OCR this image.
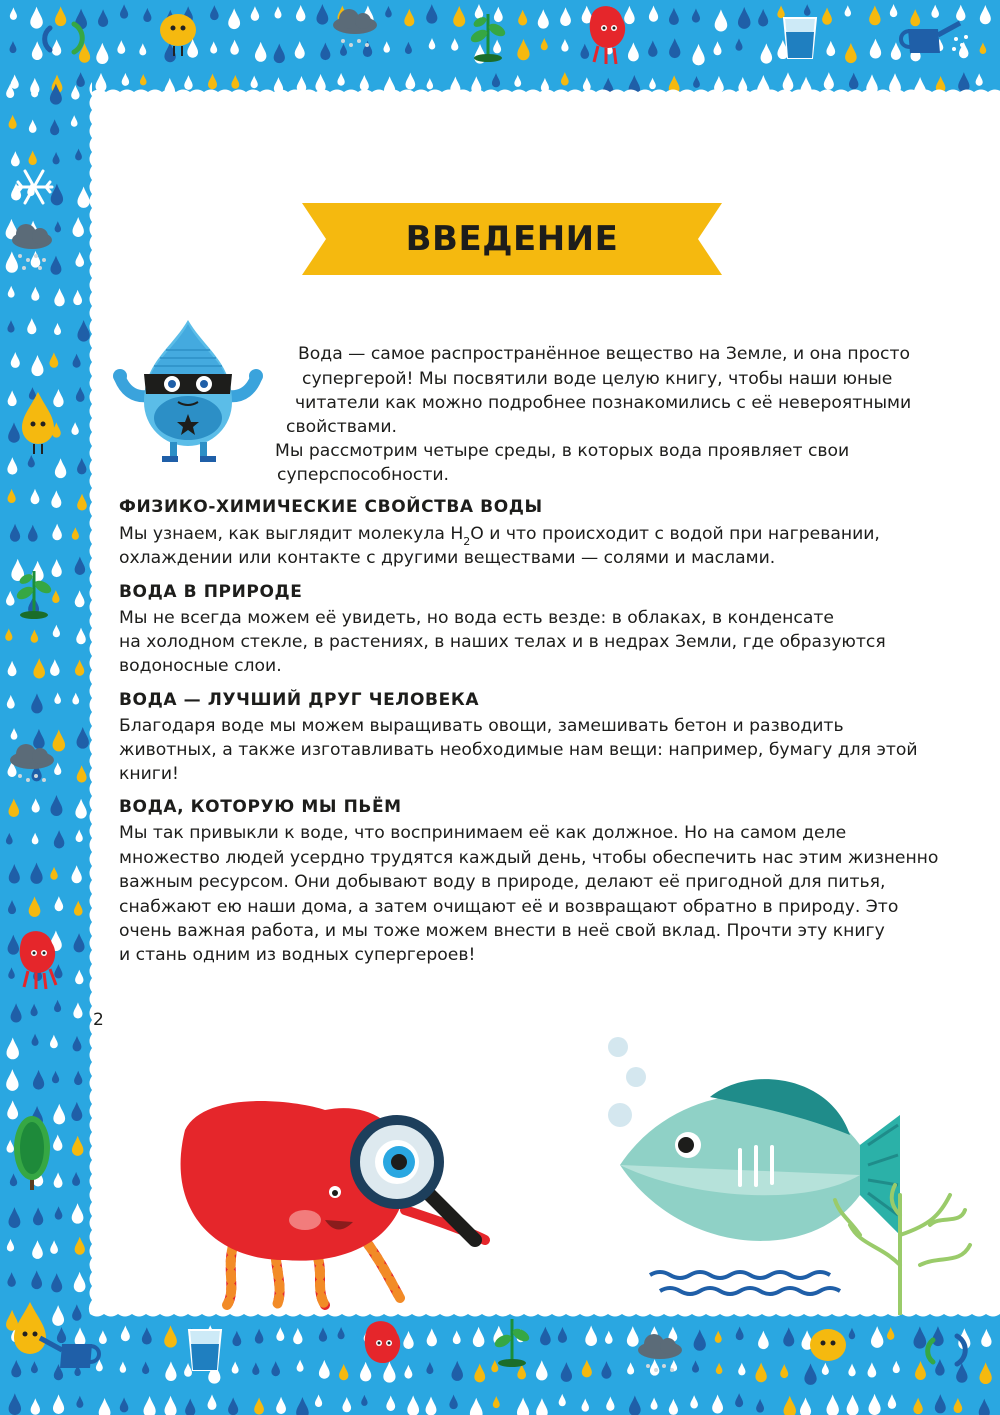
ВВЕДЕНИЕ
Вода — самое распространённое вещество на Земле, и она просто
супергерой! Мы посвятили воде целую книгу, чтобы наши юные
читатели как можно подробнее познакомились с её невероятными
свойствами.
Мы рассмотрим четыре среды, в которых вода проявляет свои
суперспособности.
ФИЗИКО-ХИМИЧЕСКИЕ СВОЙСТВА ВОДЫ
Мы узнаем, как выглядит молекула $H_2O$ и что происходит с водой при нагревании,
охлаждении или контакте с другими веществами — солями и маслами.
ВОДА В ПРИРОДЕ
Мы не всегда можем её увидеть, но вода есть везде: в облаках, в конденсате
на холодном стекле, в растениях, в наших телах и в недрах Земли, где образуются
водоносные слои.
ВОДА — ЛУЧШИЙ ДРУГ ЧЕЛОВЕКА
Благодаря воде мы можем выращивать овощи, замешивать бетон и разводить
животных, а также изготавливать необходимые нам вещи: например, бумагу для этой
книги!
ВОДА, КОТОРУЮ МЫ ПЬЁМ
Мы так привыкли к воде, что воспринимаем её как должное. Но на самом деле
множество людей усердно трудятся каждый день, чтобы обеспечить нас этим жизненно
важным ресурсом. Они добывают воду в природе, делают её пригодной для питья,
снабжают ею наши дома, а затем очищают её и возвращают обратно в природу. Это
очень важная работа, и мы тоже можем внести в неё свой вклад. Прочти эту книгу
и стань одним из водных супергероев!
2
